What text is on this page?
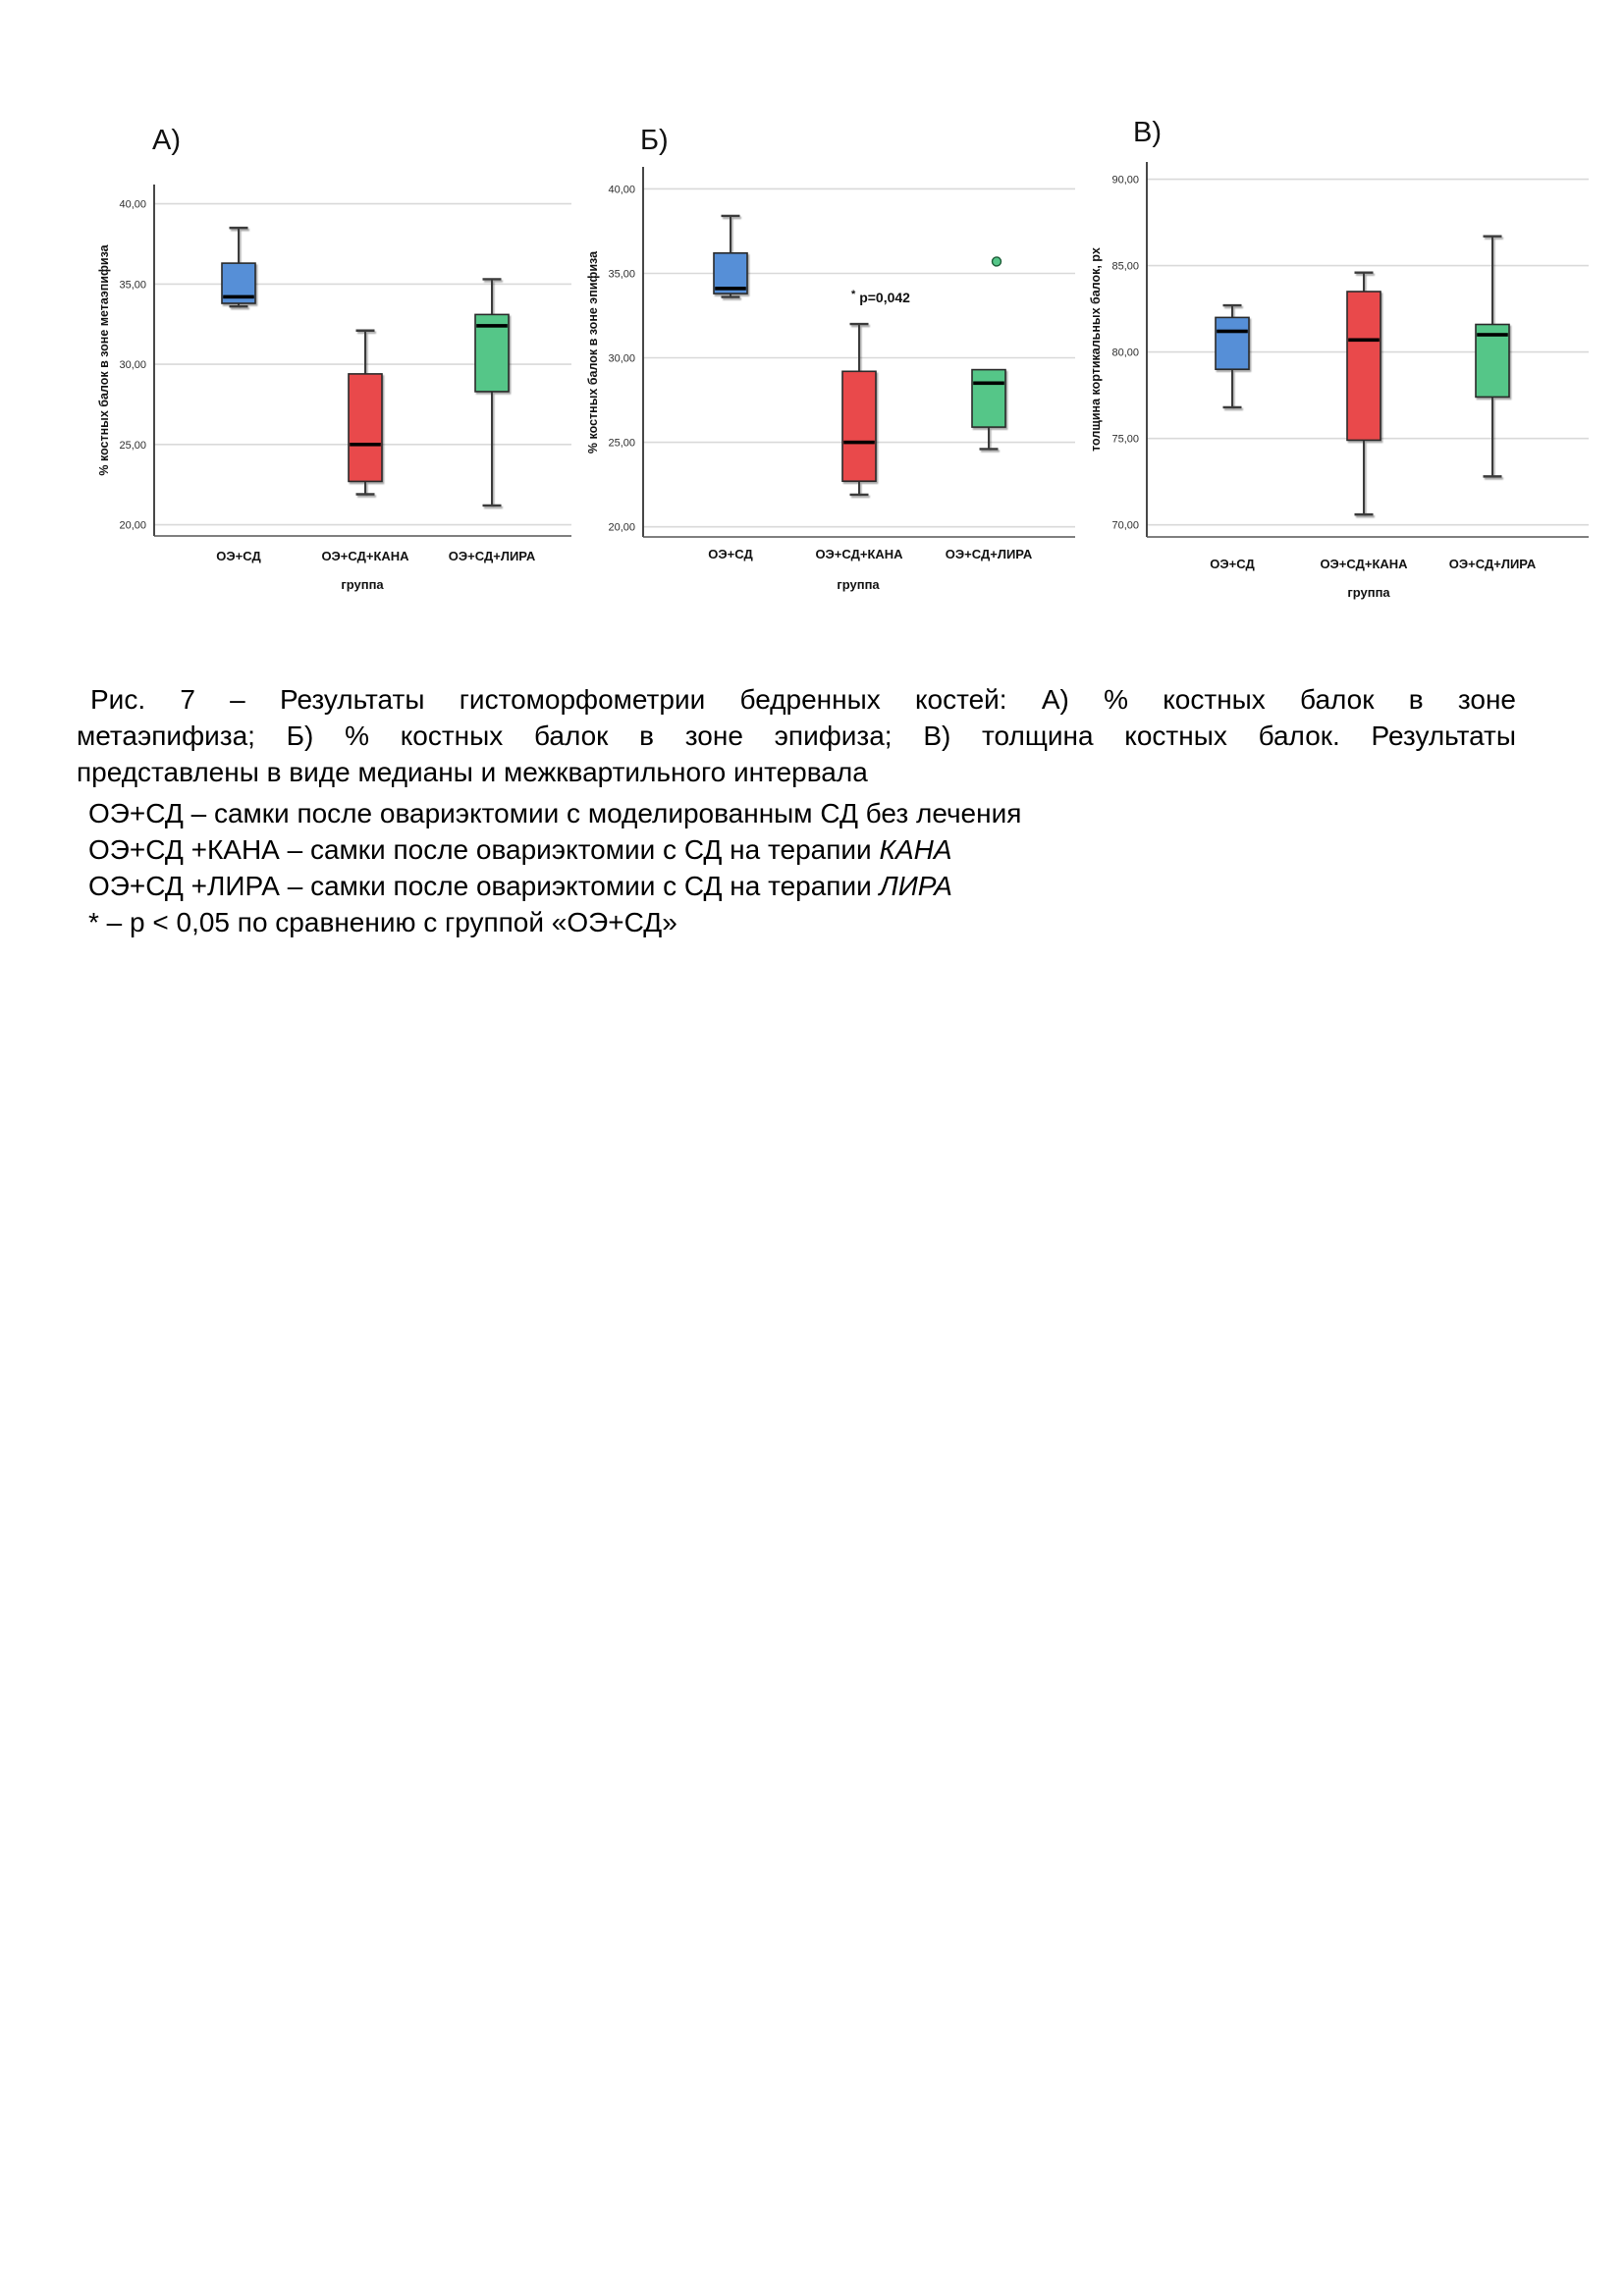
40,00
35,00
30,00
25,00
20,00
ОЭ+СД	ОЭ+СД+КАНА	ОЭ+СД+ЛИРА
группа
% костных балок в зоне метаэпифиза
А)
40,00
35,00
30,00
25,00
20,00
* p=0,042
ОЭ+СД	ОЭ+СД+КАНА	ОЭ+СД+ЛИРА
группа
% костных балок в зоне эпифиза
Б)
90,00
85,00
80,00
75,00
70,00
ОЭ+СД	ОЭ+СД+КАНА	ОЭ+СД+ЛИРА
группа
толщина кортикальных балок, px
В)

Рис. 7 – Результаты гистоморфометрии бедренных костей: А) % костных балок в зоне

метаэпифиза; Б) % костных балок в зоне эпифиза; В) толщина костных балок. Результаты

представлены в виде медианы и межквартильного интервала

ОЭ+СД – самки после овариэктомии с моделированным СД без лечения

ОЭ+СД +КАНА – самки после овариэктомии с СД на терапии КАНА

ОЭ+СД +ЛИРА – самки после овариэктомии с СД на терапии ЛИРА

* – p < 0,05 по сравнению с группой «ОЭ+СД»
